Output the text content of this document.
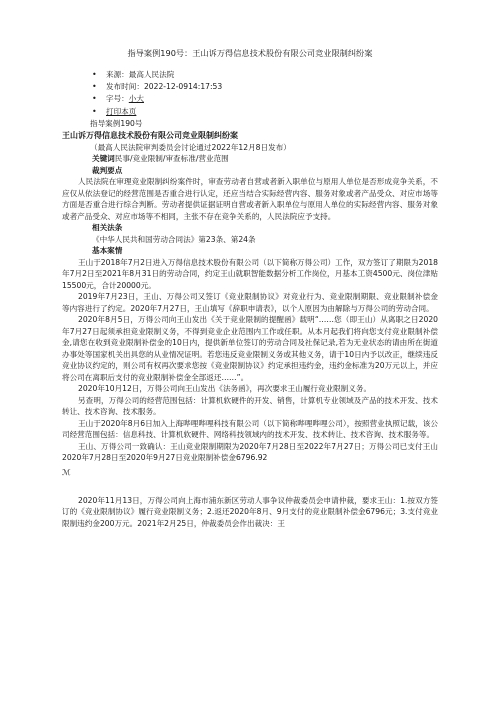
指导案例190号：王山诉万得信息技术股份有限公司竞业限制纠纷案
• 来源：最高人民法院
• 发布时间：2022-12-0914:17:53
• 字号：小大
• 打印本页
指导案例190号
王山诉万得信息技术股份有限公司竞业限制纠纷案
（最高人民法院审判委员会讨论通过2022年12月8日发布）
关键词民事/竞业限制/审查标准/营业范围
裁判要点

人民法院在审理竞业限制纠纷案件时，审查劳动者自营或者新入职单位与原用人单位是否形成竞争关系，不应仅从依法登记的经营范围是否重合进行认定，还应当结合实际经营内容、服务对象或者产品受众、对应市场等方面是否重合进行综合判断。劳动者提供证据证明自营或者新入职单位与原用人单位的实际经营内容、服务对象或者产品受众、对应市场等不相同，主张不存在竞争关系的，人民法院应予支持。

相关法条
《中华人民共和国劳动合同法》第23条、第24条
基本案情

王山于2018年7月2日进入万得信息技术股份有限公司（以下简称万得公司）工作，双方签订了期限为2018年7月2日至2021年8月31日的劳动合同，约定王山就职智能数据分析工作岗位，月基本工资4500元、岗位津贴15500元，合计20000元。

2019年7月23日，王山、万得公司又签订《竞业限制协议》对竞业行为、竞业限制期限、竞业限制补偿金等内容进行了约定。2020年7月27日，王山填写《辞职申请表》，以个人原因为由解除与万得公司的劳动合同。

2020年8月5日，万得公司向王山发出《关于竞业限制的提醒函》载明“……您（即王山）从离职之日2020年7月27日起须承担竞业限制义务，不得到竞业企业范围内工作或任职。从本月起我们将向您支付竞业限制补偿金,请您在收到竞业限制补偿金的10日内，提供新单位签订的劳动合同及社保记录,若为无业状态的请由所在街道办事处等国家机关出具您的从业情况证明。若您违反竞业限制义务或其他义务，请于10日内予以改正，继续违反竞业协议约定的，则公司有权再次要求您按《竞业限制协议》约定承担违约金，违约金标准为20万元以上，并应将公司在离职后支付的竞业限制补偿金全部返还……”。

2020年10月12日，万得公司向王山发出《法务函》，再次要求王山履行竞业限制义务。

另查明，万得公司的经营范围包括：计算机软硬件的开发、销售，计算机专业领域及产品的技术开发、技术转让、技术咨询、技术服务。

王山于2020年8月6日加入上海哔哩哔哩科技有限公司（以下简称哔哩哔哩公司），按照营业执照记载，该公司经营范围包括：信息科技、计算机软硬件、网络科技领域内的技术开发、技术转让、技术咨询、技术服务等。

王山、万得公司一致确认：王山竞业限制期限为2020年7月28日至2022年7月27日；万得公司已支付王山2020年7月28日至2020年9月27日竞业限制补偿金6796.92

ℳ

2020年11月13日，万得公司向上海市浦东新区劳动人事争议仲裁委员会申请仲裁，要求王山：1.按双方签订的《竞业限制协议》履行竞业限制义务；2.返还2020年8月、9月支付的竞业限制补偿金6796元；3.支付竞业限制违约金200万元。2021年2月25日，仲裁委员会作出裁决：王
